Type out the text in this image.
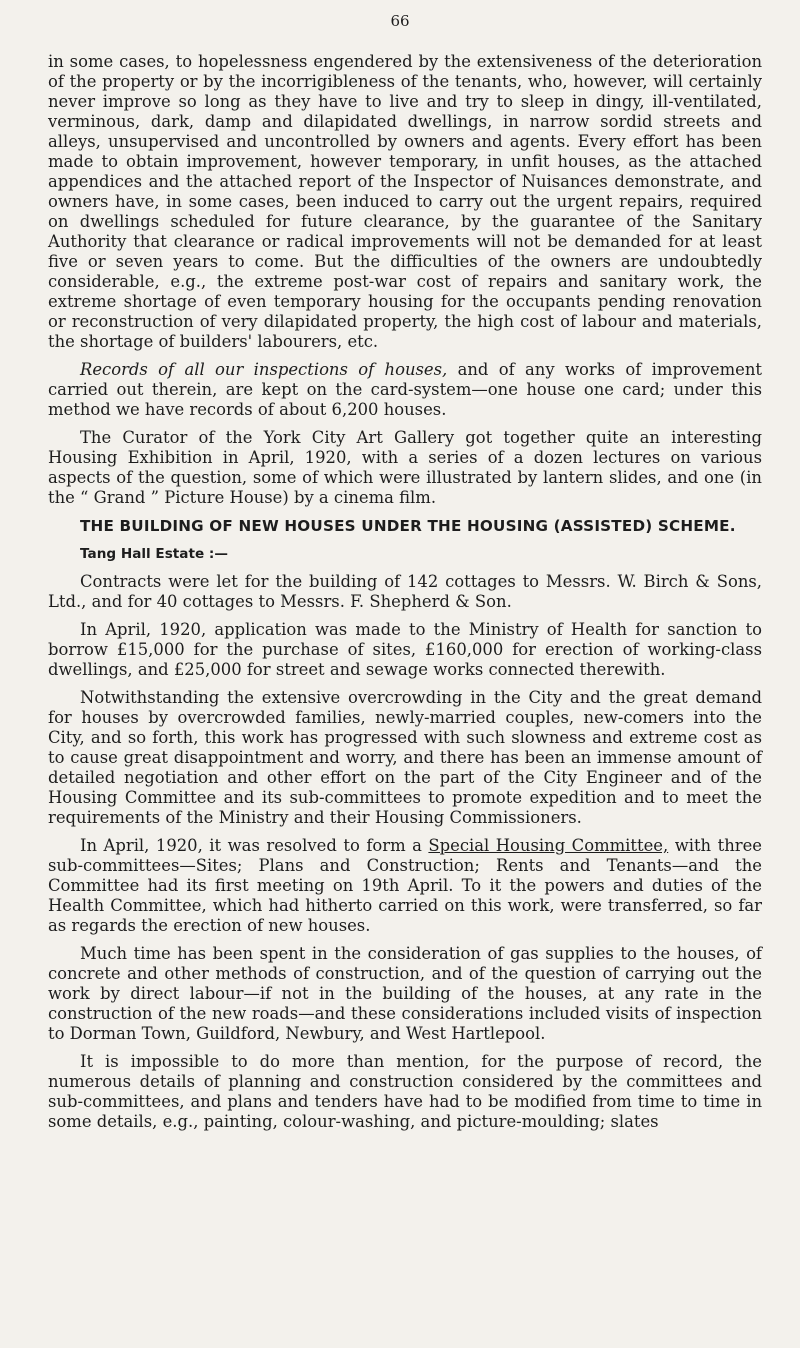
66

in some cases, to hopelessness engendered by the extensiveness of the deterioration of the property or by the incorrigibleness of the tenants, who, however, will certainly never improve so long as they have to live and try to sleep in dingy, ill-ventilated, verminous, dark, damp and dilapidated dwellings, in narrow sordid streets and alleys, unsupervised and uncontrolled by owners and agents. Every effort has been made to obtain improvement, however temporary, in unfit houses, as the attached appendices and the attached report of the Inspector of Nuisances demonstrate, and owners have, in some cases, been induced to carry out the urgent repairs, required on dwellings scheduled for future clearance, by the guarantee of the Sanitary Authority that clearance or radical improvements will not be demanded for at least five or seven years to come. But the difficulties of the owners are undoubtedly considerable, e.g., the extreme post-war cost of repairs and sanitary work, the extreme shortage of even temporary housing for the occupants pending renovation or reconstruction of very dilapidated property, the high cost of labour and materials, the shortage of builders' labourers, etc.

Records of all our inspections of houses, and of any works of improvement carried out therein, are kept on the card-system—one house one card; under this method we have records of about 6,200 houses.

The Curator of the York City Art Gallery got together quite an interesting Housing Exhibition in April, 1920, with a series of a dozen lectures on various aspects of the question, some of which were illustrated by lantern slides, and one (in the “ Grand ” Picture House) by a cinema film.

THE BUILDING OF NEW HOUSES UNDER THE HOUSING (ASSISTED) SCHEME.

Tang Hall Estate :—

Contracts were let for the building of 142 cottages to Messrs. W. Birch & Sons, Ltd., and for 40 cottages to Messrs. F. Shepherd & Son.

In April, 1920, application was made to the Ministry of Health for sanction to borrow £15,000 for the purchase of sites, £160,000 for erection of working-class dwellings, and £25,000 for street and sewage works connected therewith.

Notwithstanding the extensive overcrowding in the City and the great demand for houses by overcrowded families, newly-married couples, new-comers into the City, and so forth, this work has progressed with such slowness and extreme cost as to cause great disappointment and worry, and there has been an immense amount of detailed negotiation and other effort on the part of the City Engineer and of the Housing Committee and its sub-committees to promote expedition and to meet the requirements of the Ministry and their Housing Commissioners.

In April, 1920, it was resolved to form a Special Housing Committee, with three sub-committees—Sites; Plans and Construction; Rents and Tenants—and the Committee had its first meeting on 19th April. To it the powers and duties of the Health Committee, which had hitherto carried on this work, were transferred, so far as regards the erection of new houses.

Much time has been spent in the consideration of gas supplies to the houses, of concrete and other methods of construction, and of the question of carrying out the work by direct labour—if not in the building of the houses, at any rate in the construction of the new roads—and these considerations included visits of inspection to Dorman Town, Guildford, Newbury, and West Hartlepool.

It is impossible to do more than mention, for the purpose of record, the numerous details of planning and construction considered by the committees and sub-committees, and plans and tenders have had to be modified from time to time in some details, e.g., painting, colour-washing, and picture-moulding; slates
